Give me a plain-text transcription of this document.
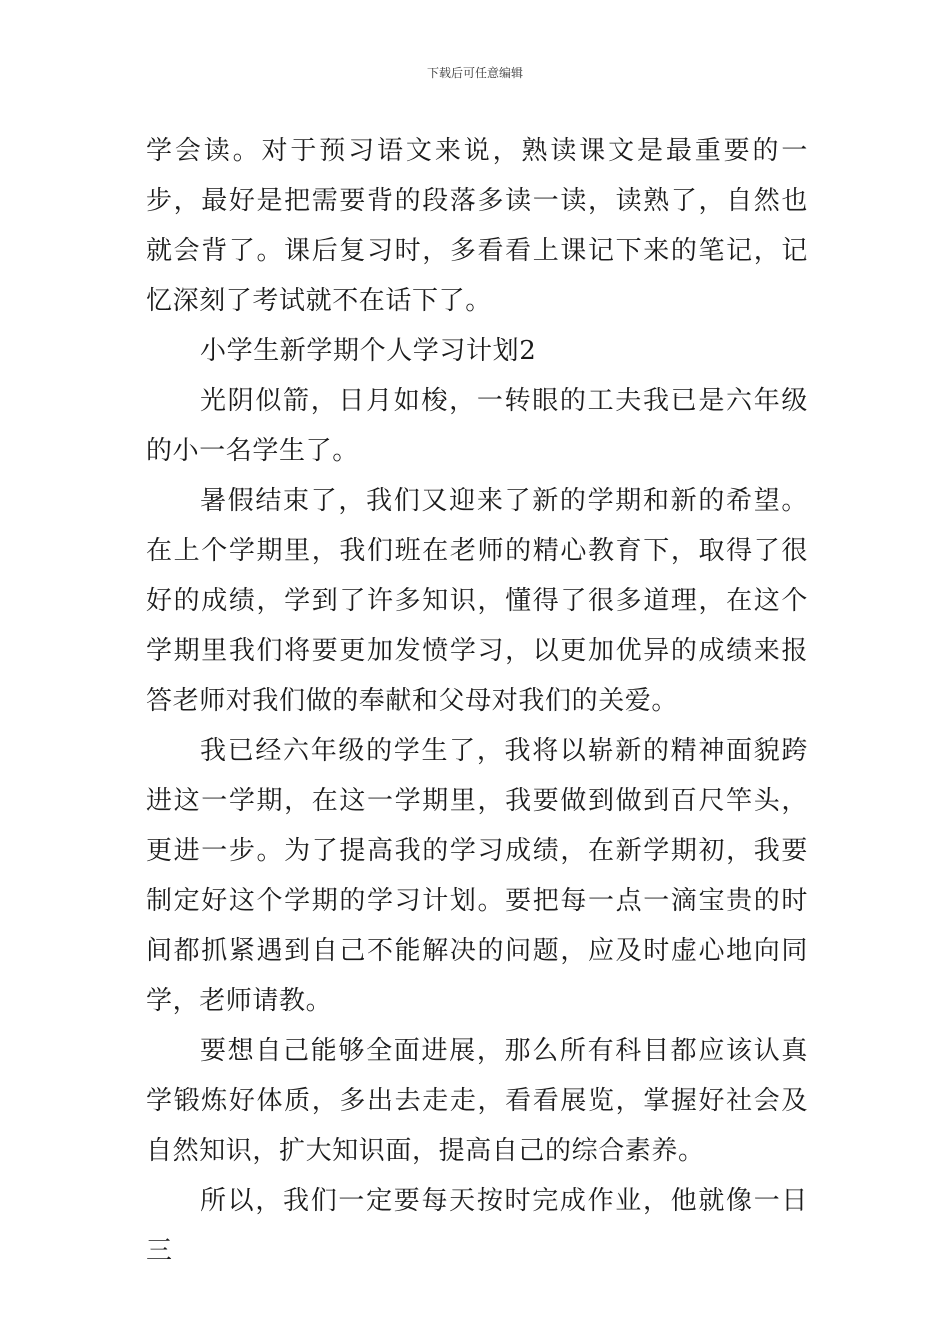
下载后可任意编辑

学会读。对于预习语文来说，熟读课文是最重要的一步，最好是把需要背的段落多读一读，读熟了，自然也就会背了。课后复习时，多看看上课记下来的笔记，记忆深刻了考试就不在话下了。

小学生新学期个人学习计划2

光阴似箭，日月如梭，一转眼的工夫我已是六年级的小一名学生了。

暑假结束了，我们又迎来了新的学期和新的希望。在上个学期里，我们班在老师的精心教育下，取得了很好的成绩，学到了许多知识，懂得了很多道理，在这个学期里我们将要更加发愤学习，以更加优异的成绩来报答老师对我们做的奉献和父母对我们的关爱。

我已经六年级的学生了，我将以崭新的精神面貌跨进这一学期，在这一学期里，我要做到做到百尺竿头，更进一步。为了提高我的学习成绩，在新学期初，我要制定好这个学期的学习计划。要把每一点一滴宝贵的时间都抓紧遇到自己不能解决的问题，应及时虚心地向同学，老师请教。

要想自己能够全面进展，那么所有科目都应该认真学锻炼好体质，多出去走走，看看展览，掌握好社会及自然知识，扩大知识面，提高自己的综合素养。

所以，我们一定要每天按时完成作业，他就像一日三
